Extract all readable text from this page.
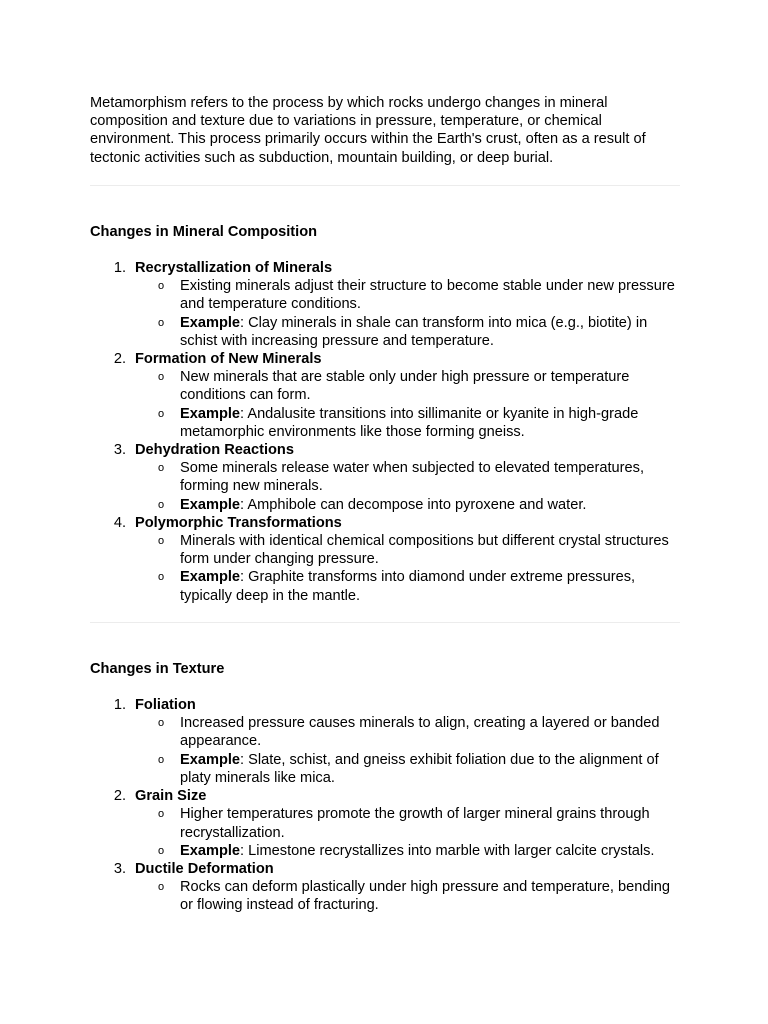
Metamorphism refers to the process by which rocks undergo changes in mineral composition and texture due to variations in pressure, temperature, or chemical environment. This process primarily occurs within the Earth's crust, often as a result of tectonic activities such as subduction, mountain building, or deep burial.

Changes in Mineral Composition
1. Recrystallization of Minerals
o Existing minerals adjust their structure to become stable under new pressure and temperature conditions.
o Example: Clay minerals in shale can transform into mica (e.g., biotite) in schist with increasing pressure and temperature.
2. Formation of New Minerals
o New minerals that are stable only under high pressure or temperature conditions can form.
o Example: Andalusite transitions into sillimanite or kyanite in high-grade metamorphic environments like those forming gneiss.
3. Dehydration Reactions
o Some minerals release water when subjected to elevated temperatures, forming new minerals.
o Example: Amphibole can decompose into pyroxene and water.
4. Polymorphic Transformations
o Minerals with identical chemical compositions but different crystal structures form under changing pressure.
o Example: Graphite transforms into diamond under extreme pressures, typically deep in the mantle.
Changes in Texture
1. Foliation
o Increased pressure causes minerals to align, creating a layered or banded appearance.
o Example: Slate, schist, and gneiss exhibit foliation due to the alignment of platy minerals like mica.
2. Grain Size
o Higher temperatures promote the growth of larger mineral grains through recrystallization.
o Example: Limestone recrystallizes into marble with larger calcite crystals.
3. Ductile Deformation
o Rocks can deform plastically under high pressure and temperature, bending or flowing instead of fracturing.
